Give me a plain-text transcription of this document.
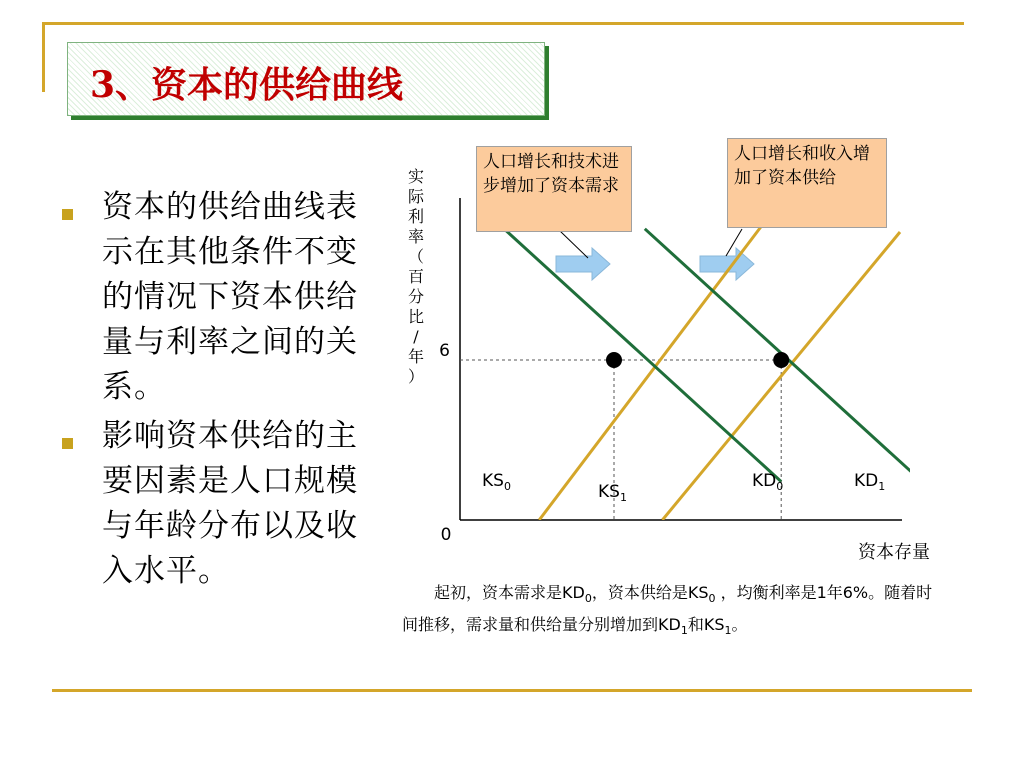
3、资本的供给曲线
资本的供给曲线表示在其他条件不变的情况下资本供给量与利率之间的关系。
影响资本供给的主要因素是人口规模与年龄分布以及收入水平。
$KS_0$	$KS_1$
$KD_0$	$KD_1$
实
际
利
率
（
百
分
比
/
年
）
资本存量
0
6
人口增长和技术进步增加了资本需求
人口增长和收入增加了资本供给
起初，资本需求是$KD_0$，资本供给是$KS_0$ ，均衡利率是1年6%。随着时间推移，需求量和供给量分别增加到$KD_1$和$KS_1$。
